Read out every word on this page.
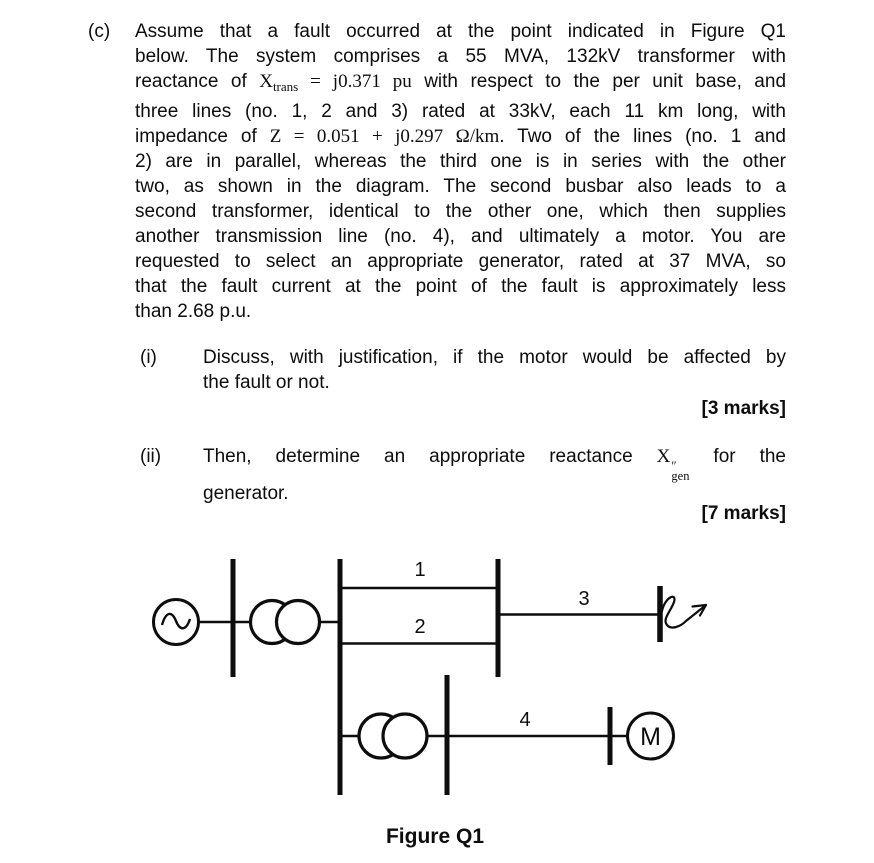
(c) Assume that a fault occurred at the point indicated in Figure Q1
below. The system comprises a 55 MVA, 132kV transformer with
reactance of $X_{trans} = j0.371$ pu with respect to the per unit base, and
three lines (no. 1, 2 and 3) rated at 33kV, each 11 km long, with
impedance of Z = 0.051 + j0.297 Ω/km. Two of the lines (no. 1 and
2) are in parallel, whereas the third one is in series with the other
two, as shown in the diagram. The second busbar also leads to a
second transformer, identical to the other one, which then supplies
another transmission line (no. 4), and ultimately a motor. You are
requested to select an appropriate generator, rated at 37 MVA, so
that the fault current at the point of the fault is approximately less
than 2.68 p.u.
(i) Discuss, with justification, if the motor would be affected by
the fault or not.
[3 marks]
(ii) Then, determine an appropriate reactance X ″
gen
for the
generator.
[7 marks]
1
2
3
4
M
Figure Q1
